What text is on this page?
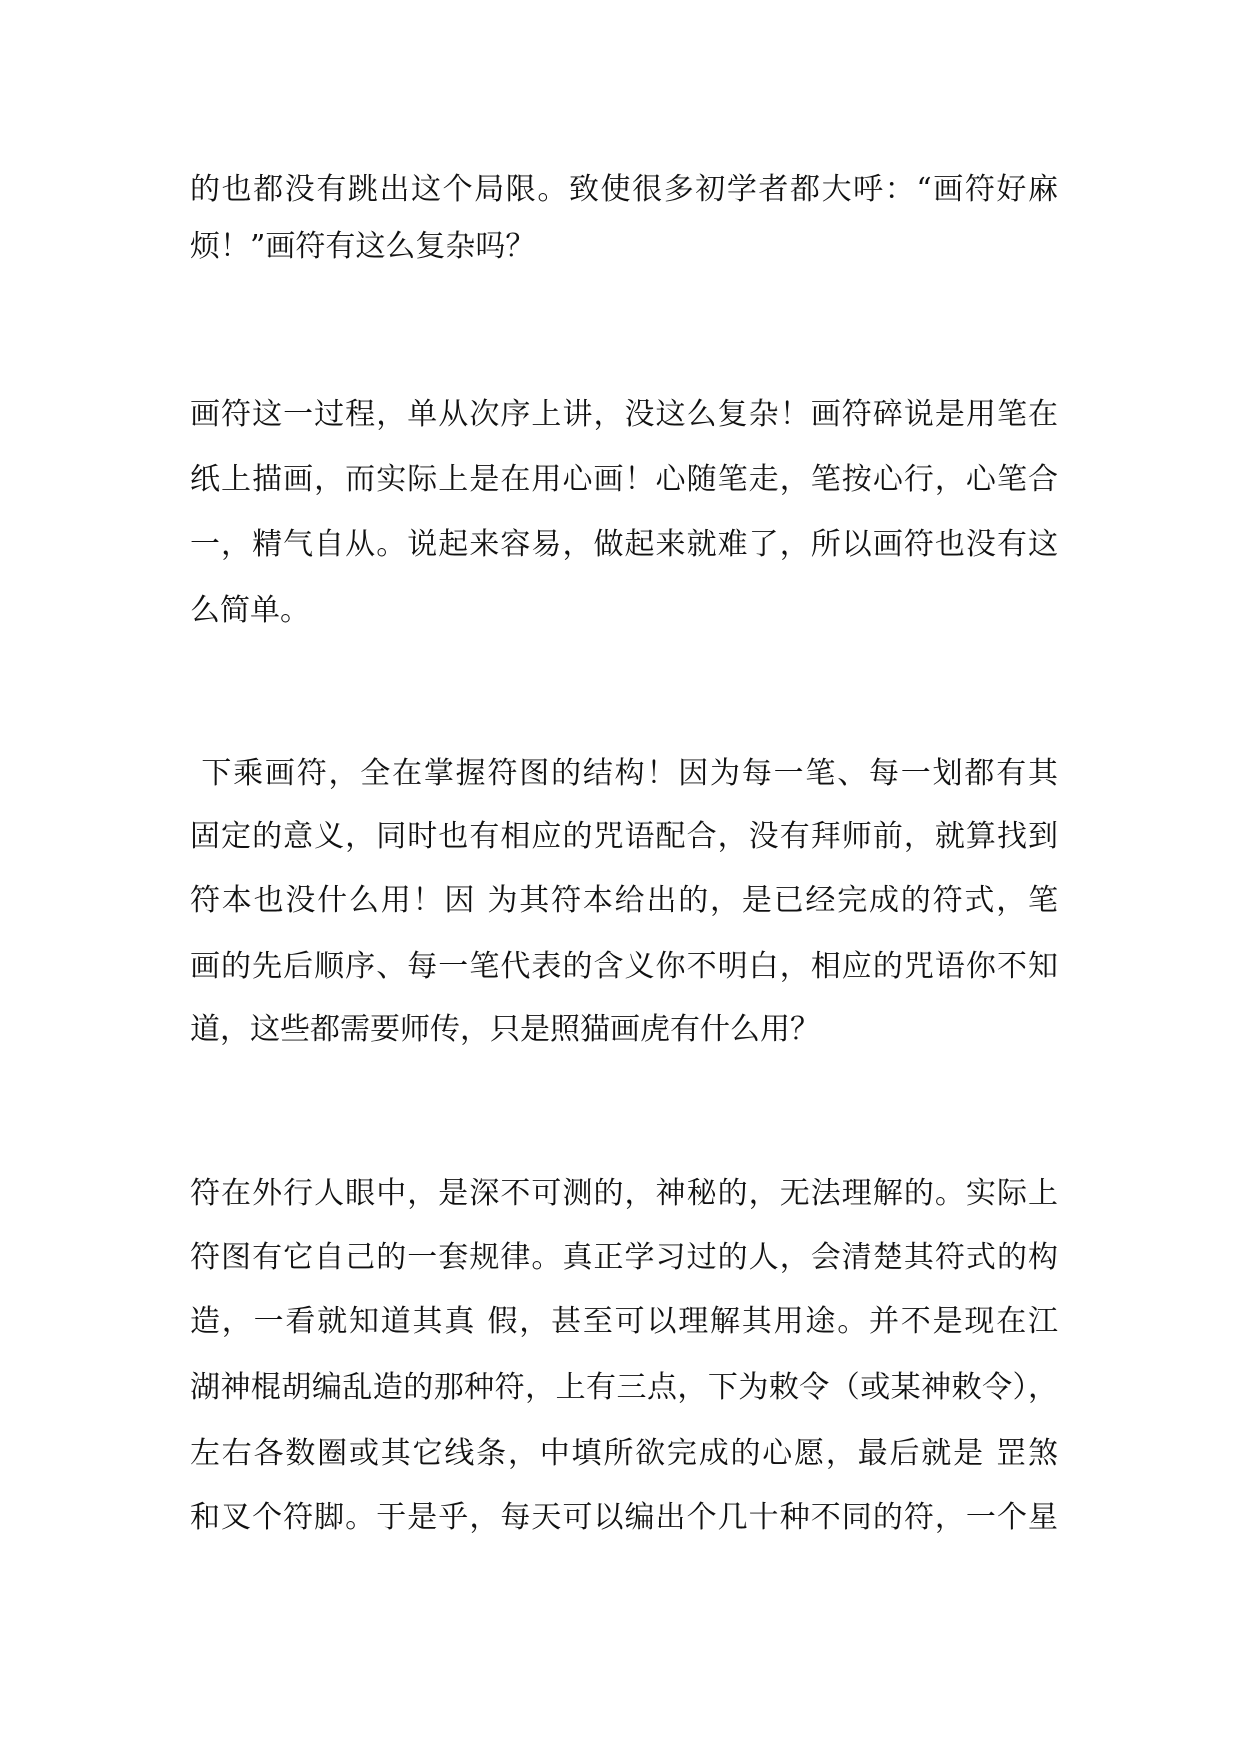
的也都没有跳出这个局限。致使很多初学者都大呼：“画符好麻
烦！”画符有这么复杂吗？
画符这一过程，单从次序上讲，没这么复杂！画符碎说是用笔在
纸上描画，而实际上是在用心画！心随笔走，笔按心行，心笔合
一，精气自从。说起来容易，做起来就难了，所以画符也没有这
么简单。
下乘画符，全在掌握符图的结构！因为每一笔、每一划都有其
固定的意义，同时也有相应的咒语配合，没有拜师前，就算找到
符本也没什么用！因 为其符本给出的，是已经完成的符式，笔
画的先后顺序、每一笔代表的含义你不明白，相应的咒语你不知
道，这些都需要师传，只是照猫画虎有什么用？
符在外行人眼中，是深不可测的，神秘的，无法理解的。实际上
符图有它自己的一套规律。真正学习过的人，会清楚其符式的构
造，一看就知道其真 假，甚至可以理解其用途。并不是现在江
湖神棍胡编乱造的那种符，上有三点，下为敕令（或某神敕令），
左右各数圈或其它线条，中填所欲完成的心愿，最后就是 罡煞
和叉个符脚。于是乎，每天可以编出个几十种不同的符，一个星
